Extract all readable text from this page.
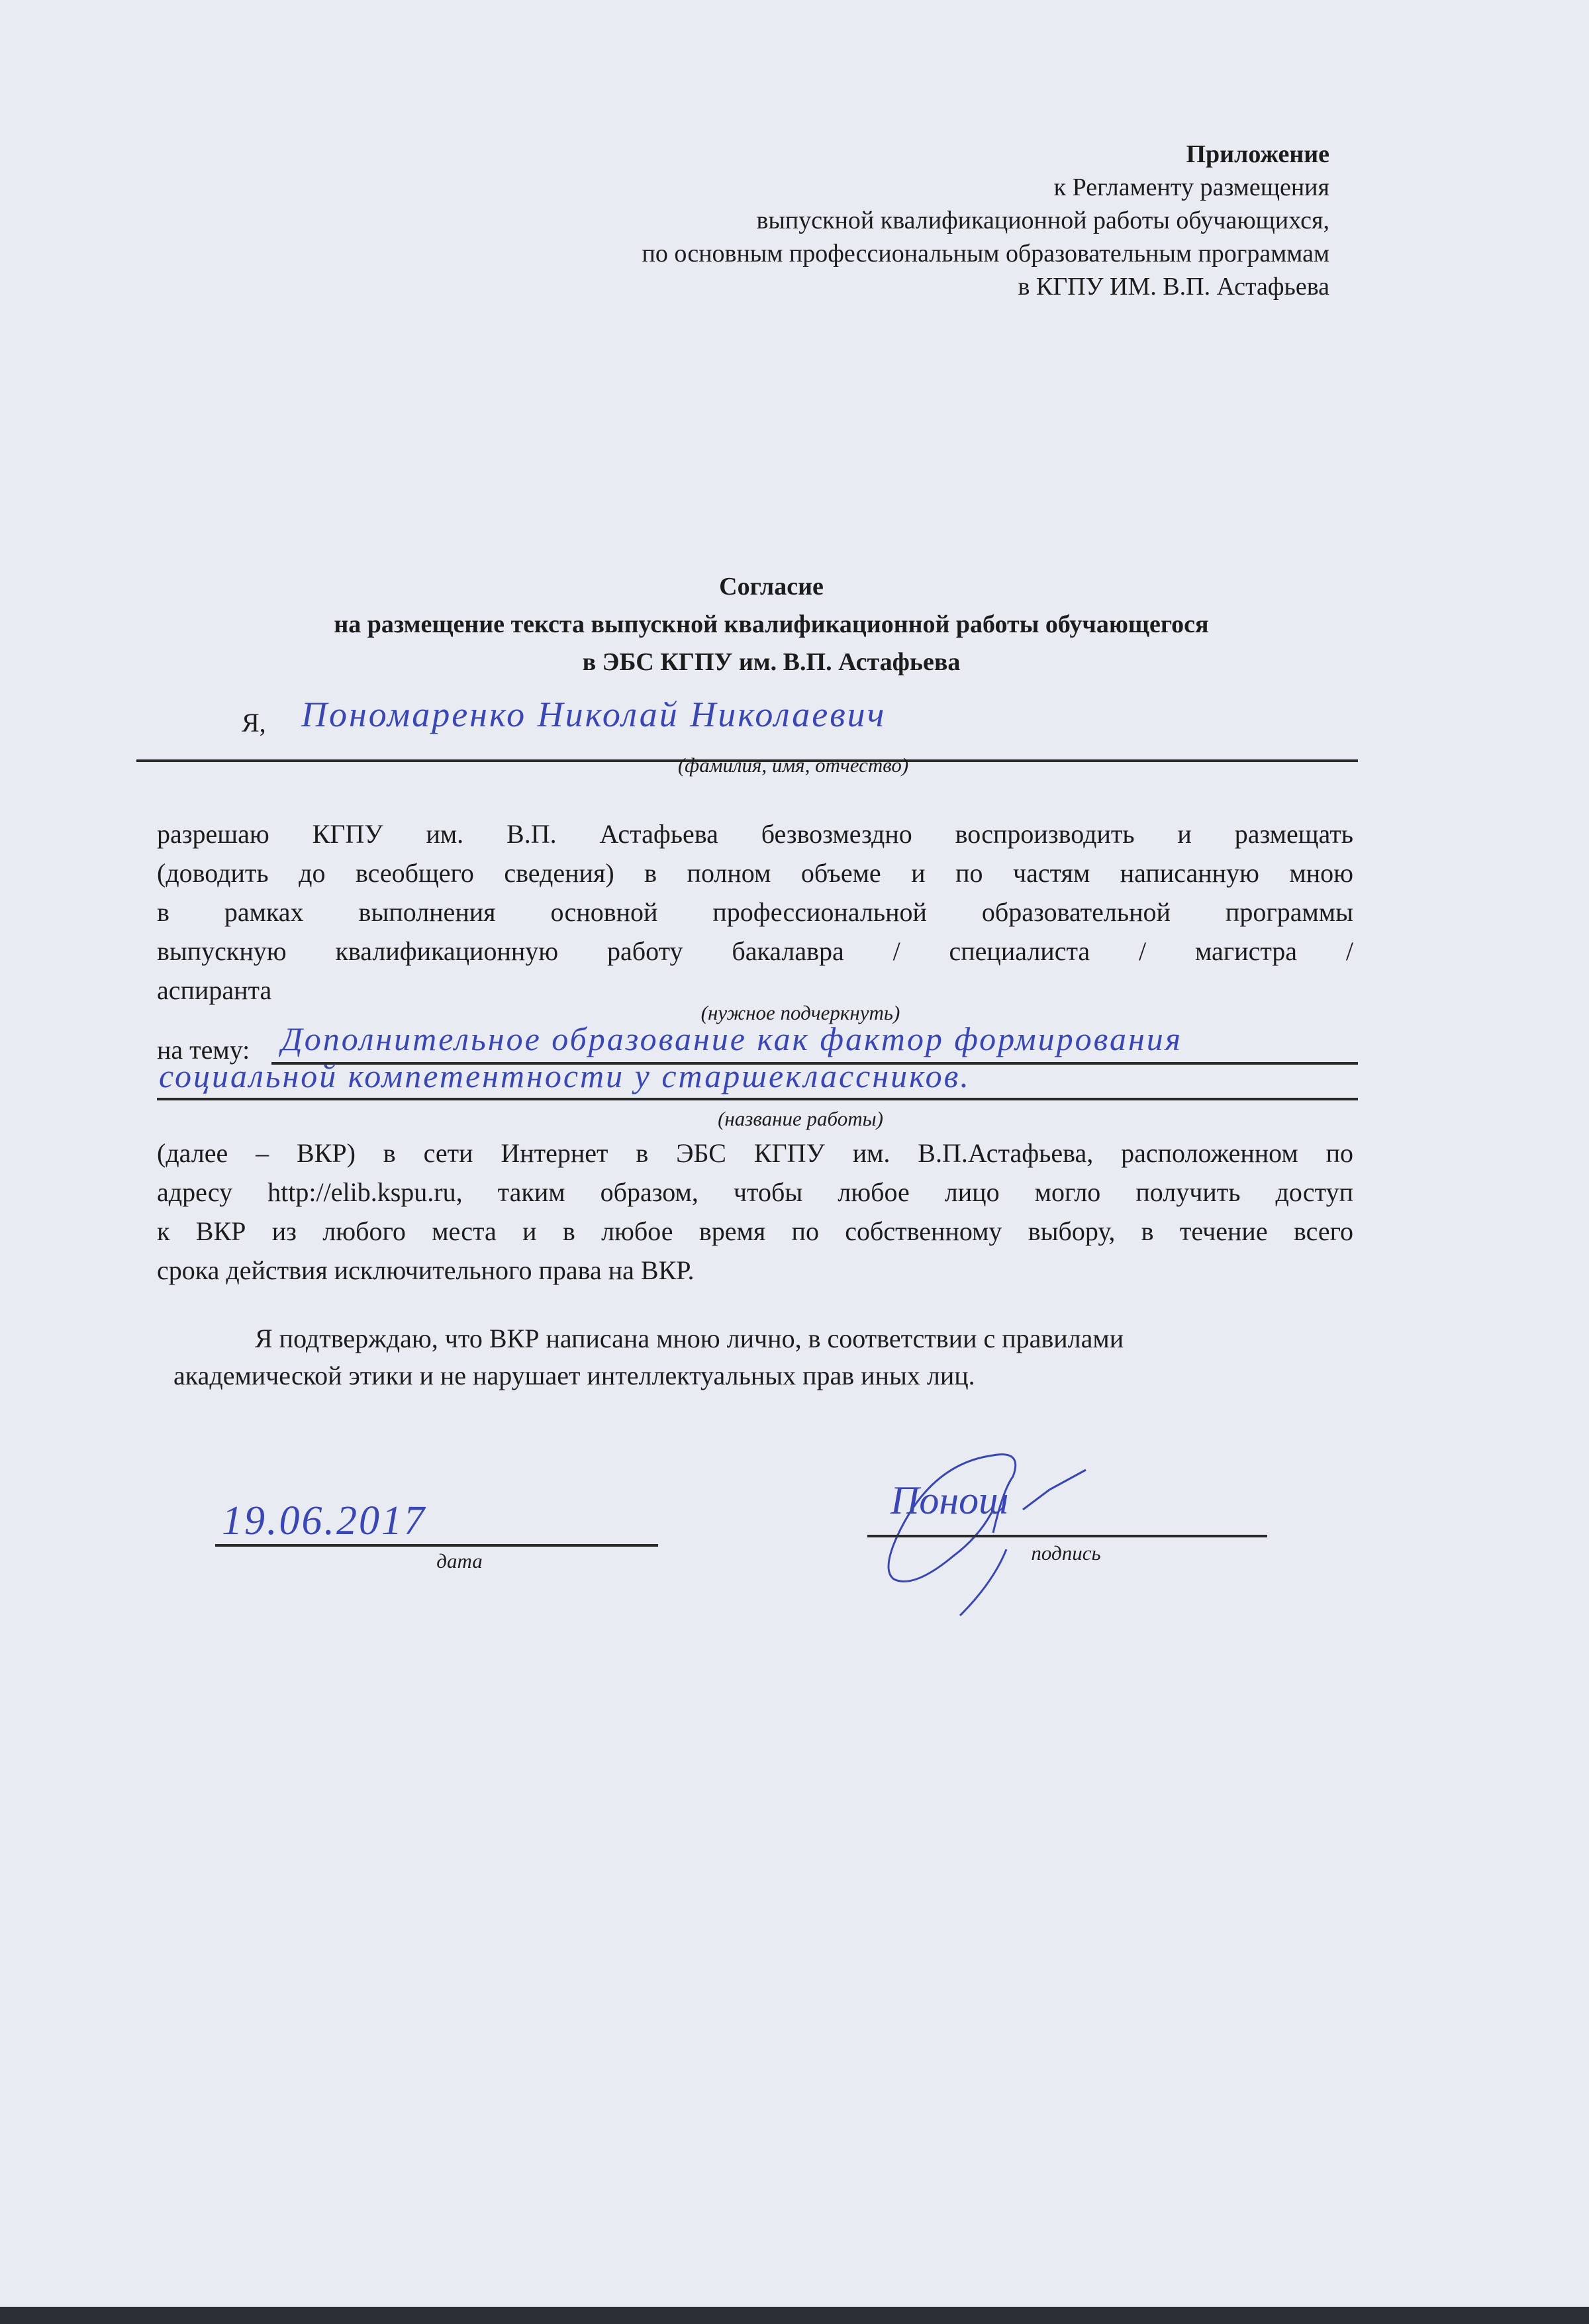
Приложение
к Регламенту размещения
выпускной квалификационной работы обучающихся,
по основным профессиональным образовательным программам
в КГПУ ИМ. В.П. Астафьева
Согласие
на размещение текста выпускной квалификационной работы обучающегося
в ЭБС КГПУ им. В.П. Астафьева
Я, Пономаренко Николай Николаевич
(фамилия, имя, отчество)
разрешаю КГПУ им. В.П. Астафьева безвозмездно воспроизводить и размещать
(доводить до всеобщего сведения) в полном объеме и по частям написанную мною
в рамках выполнения основной профессиональной образовательной программы
выпускную квалификационную работу бакалавра / специалиста / магистра /
аспиранта
(нужное подчеркнуть)
на тему: Дополнительное образование как фактор формирования
социальной компетентности у старшеклассников.
(название работы)
(далее – ВКР) в сети Интернет в ЭБС КГПУ им. В.П.Астафьева, расположенном по
адресу http://elib.kspu.ru, таким образом, чтобы любое лицо могло получить доступ
к ВКР из любого места и в любое время по собственному выбору, в течение всего
срока действия исключительного права на ВКР.
Я подтверждаю, что ВКР написана мною лично, в соответствии с правилами
академической этики и не нарушает интеллектуальных прав иных лиц.
19.06.2017
дата
Понош
подпись
